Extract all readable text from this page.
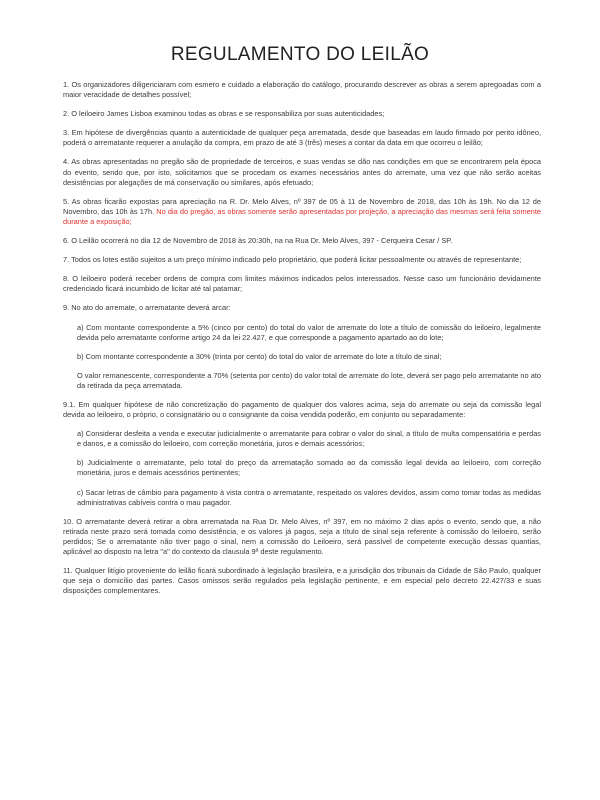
REGULAMENTO DO LEILÃO

1. Os organizadores diligenciaram com esmero e cuidado a elaboração do catálogo, procurando descrever as obras a serem apregoadas com a maior veracidade de detalhes possível;

2. O leiloeiro James Lisboa examinou todas as obras e se responsabiliza por suas autenticidades;

3. Em hipótese de divergências quanto a autenticidade de qualquer peça arrematada, desde que baseadas em laudo firmado por perito idôneo, poderá o arrematante requerer a anulação da compra, em prazo de até 3 (três) meses a contar da data em que ocorreu o leilão;

4. As obras apresentadas no pregão são de propriedade de terceiros, e suas vendas se dão nas condições em que se encontrarem pela época do evento, sendo que, por isto, solicitamos que se procedam os exames necessários antes do arremate, uma vez que não serão aceitas desistências por alegações de má conservação ou similares, após efetuado;

5. As obras ficarão expostas para apreciação na R. Dr. Melo Alves, nº 397 de 05 à 11 de Novembro de 2018, das 10h às 19h. No dia 12 de Novembro, das 10h às 17h. No dia do pregão, as obras somente serão apresentadas por projeção, a apreciação das mesmas será feita somente durante a exposição;

6. O Leilão ocorrerá no dia 12 de Novembro de 2018 às 20:30h, na na Rua Dr. Melo Alves, 397 - Cerqueira Cesar / SP.

7. Todos os lotes estão sujeitos a um preço mínimo indicado pelo proprietário, que poderá licitar pessoalmente ou através de representante;

8. O leiloeiro poderá receber ordens de compra com limites máximos indicados pelos interessados. Nesse caso um funcionário devidamente credenciado ficará incumbido de licitar até tal patamar;

9. No ato do arremate, o arrematante deverá arcar:

a) Com montante correspondente a 5% (cinco por cento) do total do valor de arremate do lote a título de comissão do leiloeiro, legalmente devida pelo arrematante conforme artigo 24 da lei 22.427, e que corresponde a pagamento apartado ao do lote;

b) Com montante correspondente a 30% (trinta por cento) do total do valor de arremate do lote a título de sinal;

O valor remanescente, correspondente a 70% (setenta por cento) do valor total de arremate do lote, deverá ser pago pelo arrematante no ato da retirada da peça arrematada.

9.1. Em qualquer hipótese de não concretização do pagamento de qualquer dos valores acima, seja do arremate ou seja da comissão legal devida ao leiloeiro, o próprio, o consignatário ou o consignante da coisa vendida poderão, em conjunto ou separadamente:

a) Considerar desfeita a venda e executar judicialmente o arrematante para cobrar o valor do sinal, a título de multa compensatória e perdas e danos, e a comissão do leiloeiro, com correção monetária, juros e demais acessórios;

b) Judicialmente o arrematante, pelo total do preço da arrematação somado ao da comissão legal devida ao leiloeiro, com correção monetária, juros e demais acessórios pertinentes;

c) Sacar letras de câmbio para pagamento à vista contra o arrematante, respeitado os valores devidos, assim como tomar todas as medidas administrativas cabíveis contra o mau pagador.

10. O arrematante deverá retirar a obra arrematada na Rua Dr. Melo Alves, nº 397, em no máximo 2 dias após o evento, sendo que, a não retirada neste prazo será tomada como desistência, e os valores já pagos, seja a título de sinal seja referente à comissão do leiloeiro, serão perdidos; Se o arrematante não tiver pago o sinal, nem a comissão do Leiloeiro, será passível de competente execução dessas quantias, aplicável ao disposto na letra "a" do contexto da clausula 9ª deste regulamento.

11. Qualquer litígio proveniente do leilão ficará subordinado à legislação brasileira, e a jurisdição dos tribunais da Cidade de São Paulo, qualquer que seja o domicílio das partes. Casos omissos serão regulados pela legislação pertinente, e em especial pelo decreto 22.427/33 e suas disposições complementares.
